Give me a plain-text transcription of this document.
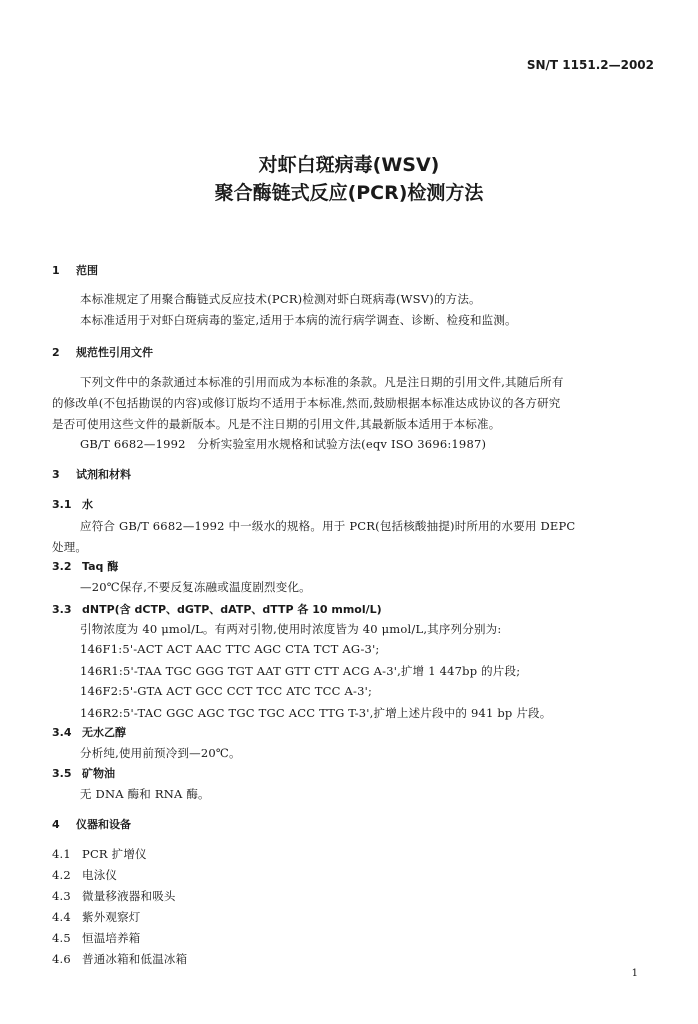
SN/T 1151.2—2002
对虾白斑病毒(WSV)
聚合酶链式反应(PCR)检测方法
1 范围
本标准规定了用聚合酶链式反应技术(PCR)检测对虾白斑病毒(WSV)的方法。
本标准适用于对虾白斑病毒的鉴定,适用于本病的流行病学调查、诊断、检疫和监测。
2 规范性引用文件
下列文件中的条款通过本标准的引用而成为本标准的条款。凡是注日期的引用文件,其随后所有
的修改单(不包括勘误的内容)或修订版均不适用于本标准,然而,鼓励根据本标准达成协议的各方研究
是否可使用这些文件的最新版本。凡是不注日期的引用文件,其最新版本适用于本标准。
GB/T 6682—1992　分析实验室用水规格和试验方法(eqv ISO 3696:1987)
3 试剂和材料
3.1 水
应符合 GB/T 6682—1992 中一级水的规格。用于 PCR(包括核酸抽提)时所用的水要用 DEPC
处理。
3.2 Taq 酶
—20℃保存,不要反复冻融或温度剧烈变化。
3.3 dNTP(含 dCTP、dGTP、dATP、dTTP 各 10 mmol/L)
引物浓度为 40 μmol/L。有两对引物,使用时浓度皆为 40 μmol/L,其序列分别为:
146F1:5'-ACT ACT AAC TTC AGC CTA TCT AG-3';
146R1:5'-TAA TGC GGG TGT AAT GTT CTT ACG A-3',扩增 1 447bp 的片段;
146F2:5'-GTA ACT GCC CCT TCC ATC TCC A-3';
146R2:5'-TAC GGC AGC TGC TGC ACC TTG T-3',扩增上述片段中的 941 bp 片段。
3.4 无水乙醇
分析纯,使用前预冷到—20℃。
3.5 矿物油
无 DNA 酶和 RNA 酶。
4 仪器和设备
4.1 PCR 扩增仪
4.2 电泳仪
4.3 微量移液器和吸头
4.4 紫外观察灯
4.5 恒温培养箱
4.6 普通冰箱和低温冰箱
1
